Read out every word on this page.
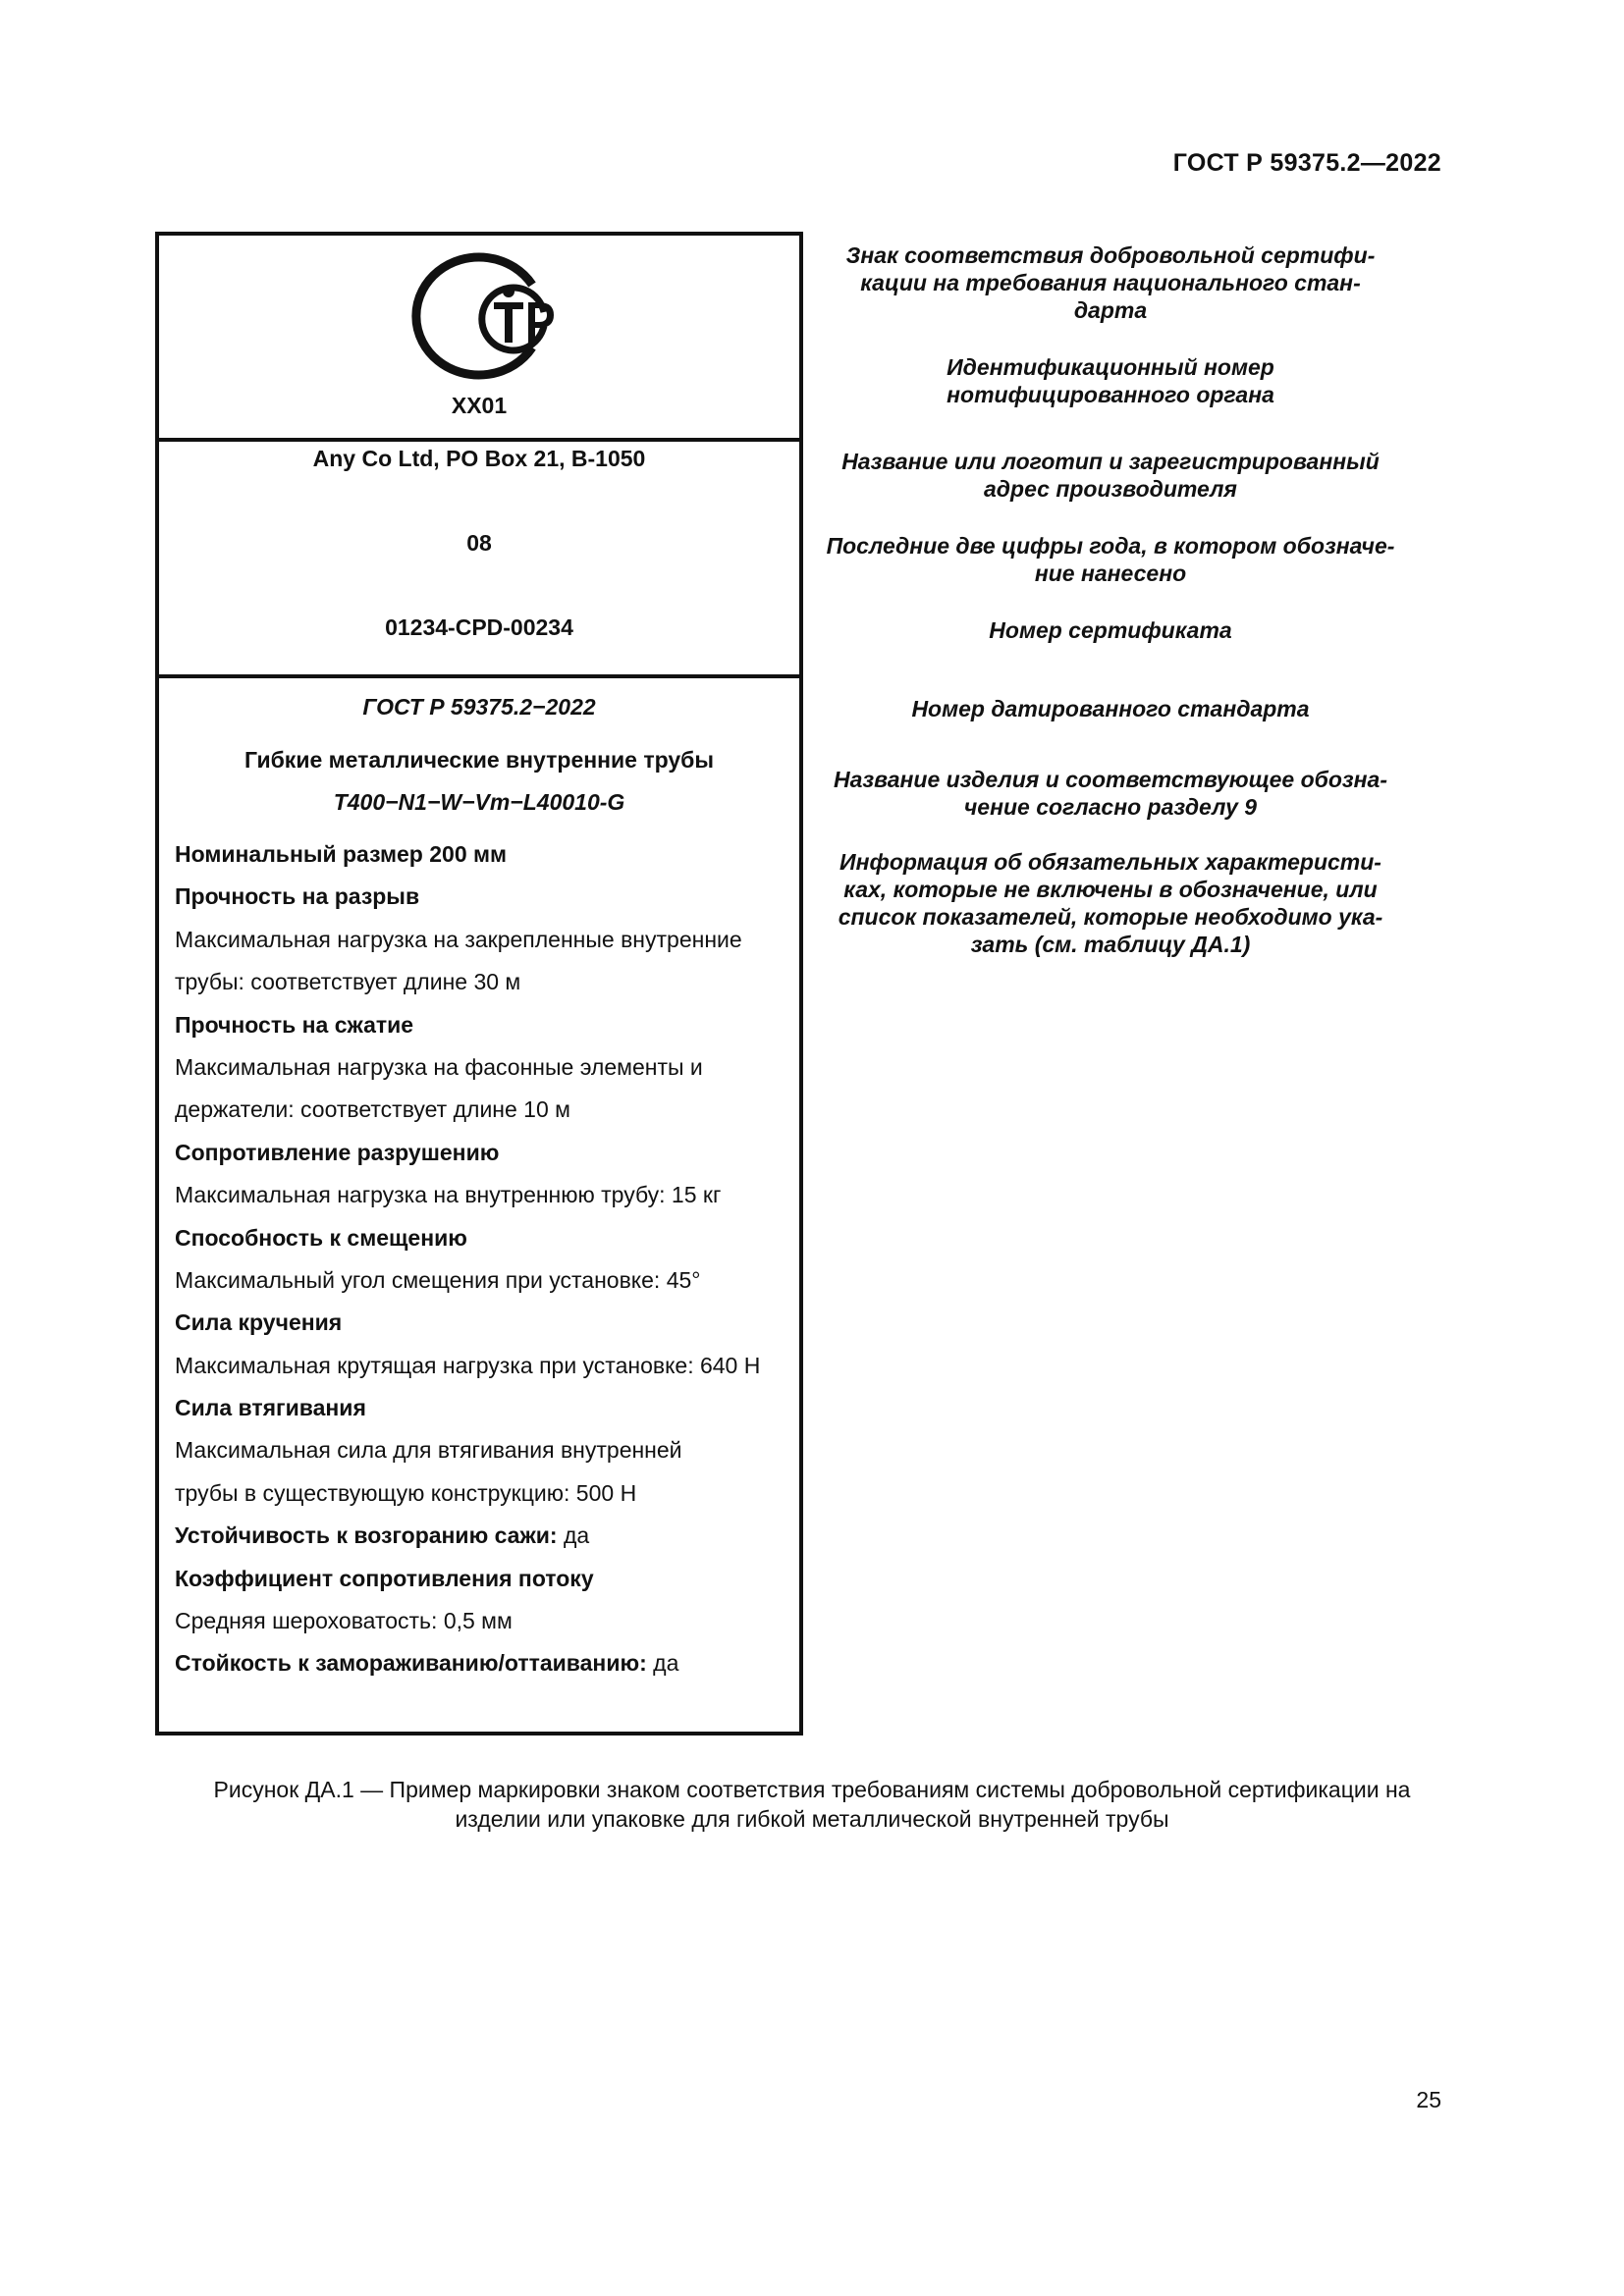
ГОСТ Р 59375.2—2022
XX01
Any Co Ltd, PO Box 21, B-1050
08
01234-CPD-00234
ГОСТ Р 59375.2−2022
Гибкие металлические внутренние трубы
T400−N1−W−Vm−L40010-G
Номинальный размер 200 мм
Прочность на разрыв
Максимальная нагрузка на закрепленные внутренние
трубы: соответствует длине 30 м
Прочность на сжатие
Максимальная нагрузка на фасонные элементы и
держатели: соответствует длине 10 м
Сопротивление разрушению
Максимальная нагрузка на внутреннюю трубу: 15 кг
Способность к смещению
Максимальный угол смещения при установке: 45°
Сила кручения
Максимальная крутящая нагрузка при установке: 640 Н
Сила втягивания
Максимальная сила для втягивания внутренней
трубы в существующую конструкцию: 500 Н
Устойчивость к возгоранию сажи: да
Коэффициент сопротивления потоку
Средняя шероховатость: 0,5 мм
Стойкость к замораживанию/оттаиванию: да
Знак соответствия добровольной сертифи-
кации на требования национального стан-
дарта
Идентификационный номер
нотифицированного органа
Название или логотип и зарегистрированный
адрес производителя
Последние две цифры года, в котором обозначе-
ние нанесено
Номер сертификата
Номер датированного стандарта
Название изделия и соответствующее обозна-
чение согласно разделу 9
Информация об обязательных характеристи-
ках, которые не включены в обозначение, или
список показателей, которые необходимо ука-
зать (см. таблицу ДА.1)
Рисунок ДА.1 — Пример маркировки знаком соответствия требованиям системы добровольной сертификации на
изделии или упаковке для гибкой металлической внутренней трубы
25
